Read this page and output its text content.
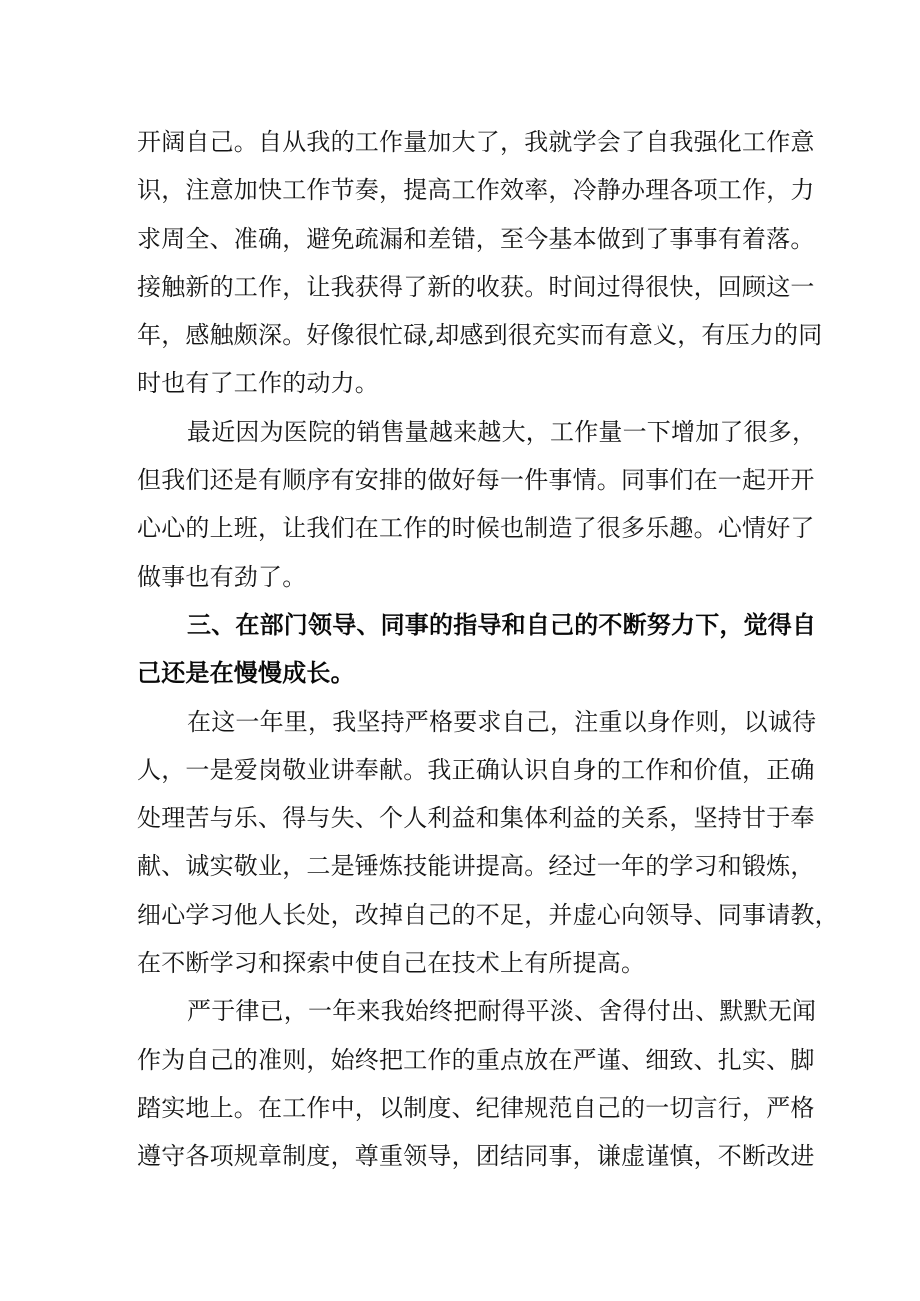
开阔自己。自从我的工作量加大了，我就学会了自我强化工作意
识，注意加快工作节奏，提高工作效率，冷静办理各项工作，力
求周全、准确，避免疏漏和差错，至今基本做到了事事有着落。
接触新的工作，让我获得了新的收获。时间过得很快，回顾这一
年，感触颇深。好像很忙碌,却感到很充实而有意义，有压力的同
时也有了工作的动力。
最近因为医院的销售量越来越大，工作量一下增加了很多，
但我们还是有顺序有安排的做好每一件事情。同事们在一起开开
心心的上班，让我们在工作的时候也制造了很多乐趣。心情好了
做事也有劲了。
三、在部门领导、同事的指导和自己的不断努力下，觉得自
己还是在慢慢成长。
在这一年里，我坚持严格要求自己，注重以身作则，以诚待
人，一是爱岗敬业讲奉献。我正确认识自身的工作和价值，正确
处理苦与乐、得与失、个人利益和集体利益的关系，坚持甘于奉
献、诚实敬业，二是锤炼技能讲提高。经过一年的学习和锻炼，
细心学习他人长处，改掉自己的不足，并虚心向领导、同事请教，
在不断学习和探索中使自己在技术上有所提高。
严于律已，一年来我始终把耐得平淡、舍得付出、默默无闻
作为自己的准则，始终把工作的重点放在严谨、细致、扎实、脚
踏实地上。在工作中，以制度、纪律规范自己的一切言行，严格
遵守各项规章制度，尊重领导，团结同事，谦虚谨慎，不断改进
